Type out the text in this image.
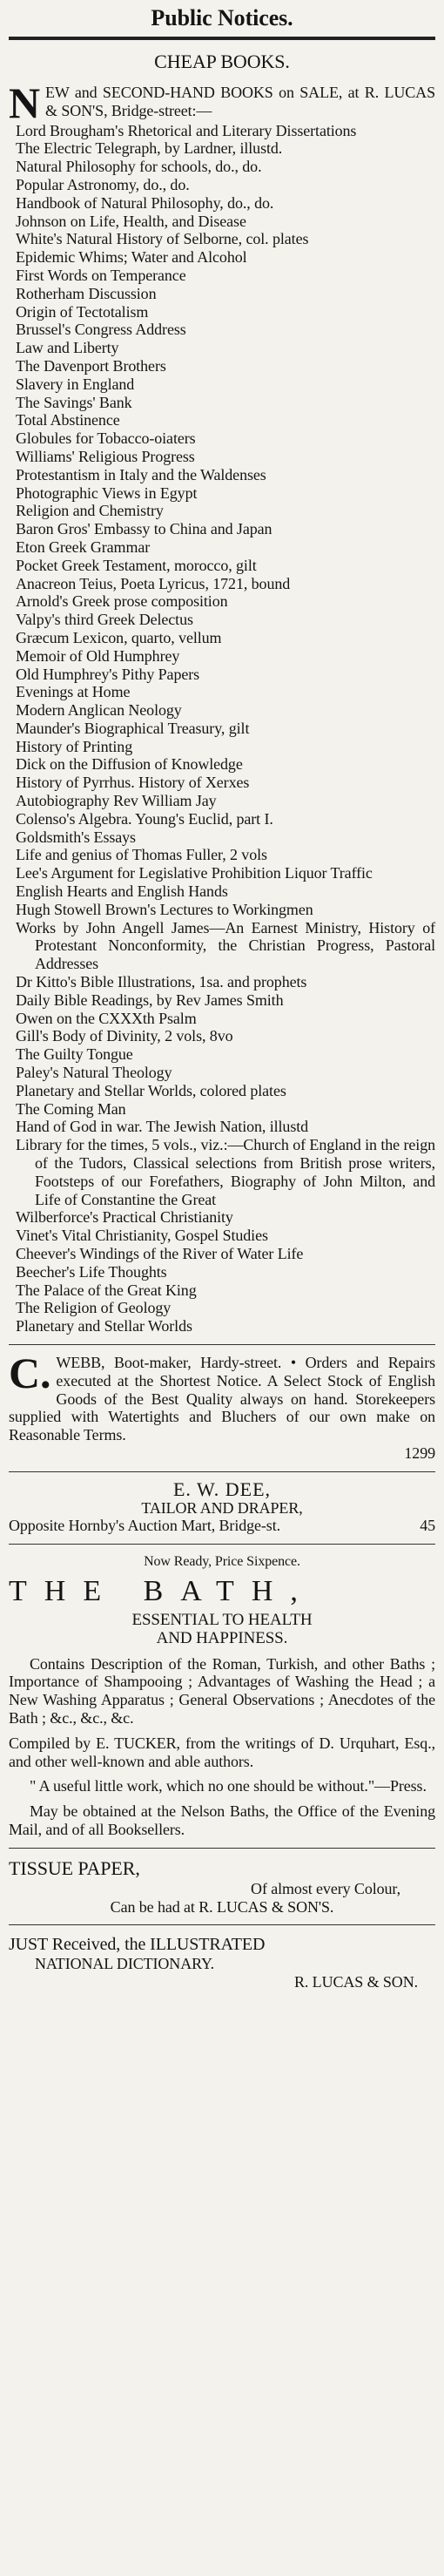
Public Notices.
CHEAP BOOKS.
N EW and SECOND-HAND BOOKS on SALE, at R. LUCAS & SON'S, Bridge-street:—
Lord Brougham's Rhetorical and Literary Dissertations
The Electric Telegraph, by Lardner, illustd.
Natural Philosophy for schools, do., do.
Popular Astronomy, do., do.
Handbook of Natural Philosophy, do., do.
Johnson on Life, Health, and Disease
White's Natural History of Selborne, col. plates
Epidemic Whims; Water and Alcohol
First Words on Temperance
Rotherham Discussion
Origin of Tectotalism
Brussel's Congress Address
Law and Liberty
The Davenport Brothers
Slavery in England
The Savings' Bank
Total Abstinence
Globules for Tobacco-oiaters
Williams' Religious Progress
Protestantism in Italy and the Waldenses
Photographic Views in Egypt
Religion and Chemistry
Baron Gros' Embassy to China and Japan
Eton Greek Grammar
Pocket Greek Testament, morocco, gilt
Anacreon Teius, Poeta Lyricus, 1721, bound
Arnold's Greek prose composition
Valpy's third Greek Delectus
Græcum Lexicon, quarto, vellum
Memoir of Old Humphrey
Old Humphrey's Pithy Papers
Evenings at Home
Modern Anglican Neology
Maunder's Biographical Treasury, gilt
History of Printing
Dick on the Diffusion of Knowledge
History of Pyrrhus. History of Xerxes
Autobiography Rev William Jay
Colenso's Algebra. Young's Euclid, part I.
Goldsmith's Essays
Life and genius of Thomas Fuller, 2 vols
Lee's Argument for Legislative Prohibition Liquor Traffic
English Hearts and English Hands
Hugh Stowell Brown's Lectures to Workingmen
Works by John Angell James—An Earnest Ministry, History of Protestant Nonconformity, the Christian Progress, Pastoral Addresses
Dr Kitto's Bible Illustrations, 1sa. and prophets
Daily Bible Readings, by Rev James Smith
Owen on the CXXXth Psalm
Gill's Body of Divinity, 2 vols, 8vo
The Guilty Tongue
Paley's Natural Theology
Planetary and Stellar Worlds, colored plates
The Coming Man
Hand of God in war. The Jewish Nation, illustd
Library for the times, 5 vols., viz.:—Church of England in the reign of the Tudors, Classical selections from British prose writers, Footsteps of our Forefathers, Biography of John Milton, and Life of Constantine the Great
Wilberforce's Practical Christianity
Vinet's Vital Christianity, Gospel Studies
Cheever's Windings of the River of Water Life
Beecher's Life Thoughts
The Palace of the Great King
The Religion of Geology
Planetary and Stellar Worlds

C. WEBB, Boot-maker, Hardy-street. • Orders and Repairs executed at the Shortest Notice. A Select Stock of English Goods of the Best Quality always on hand. Storekeepers supplied with Watertights and Bluchers of our own make on Reasonable Terms.

1299

E. W. DEE,

TAILOR AND DRAPER,

Opposite Hornby's Auction Mart, Bridge-st.	45

Now Ready, Price Sixpence.

THE BATH,

ESSENTIAL TO HEALTH

AND HAPPINESS.

Contains Description of the Roman, Turkish, and other Baths ; Importance of Shampooing ; Advantages of Washing the Head ; a New Washing Apparatus ; General Observations ; Anecdotes of the Bath ; &c., &c., &c.

Compiled by E. TUCKER, from the writings of D. Urquhart, Esq., and other well-known and able authors.

" A useful little work, which no one should be without."—Press.

May be obtained at the Nelson Baths, the Office of the Evening Mail, and of all Booksellers.

TISSUE PAPER,

Of almost every Colour,

Can be had at R. LUCAS & SON'S.

JUST Received, the ILLUSTRATED

NATIONAL DICTIONARY.

R. LUCAS & SON.
